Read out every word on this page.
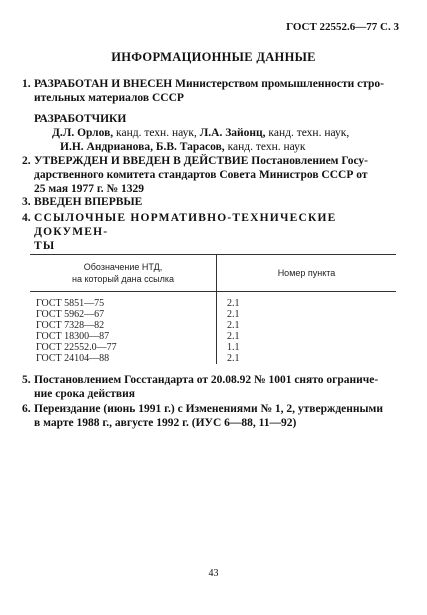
ГОСТ 22552.6—77 С. 3
ИНФОРМАЦИОННЫЕ ДАННЫЕ
1. РАЗРАБОТАН И ВНЕСЕН Министерством промышленности стро-
ительных материалов СССР
РАЗРАБОТЧИКИ
Д.Л. Орлов, канд. техн. наук, Л.А. Зайонц, канд. техн. наук,
И.Н. Андрианова, Б.В. Тарасов, канд. техн. наук
2. УТВЕРЖДЕН И ВВЕДЕН В ДЕЙСТВИЕ Постановлением Госу-
дарственного комитета стандартов Совета Министров СССР от
25 мая 1977 г. № 1329
3. ВВЕДЕН ВПЕРВЫЕ
4. ССЫЛОЧНЫЕ НОРМАТИВНО-ТЕХНИЧЕСКИЕ ДОКУМЕН-
ТЫ
Обозначение НТД,
на который дана ссылка	Номер пункта
ГОСТ 5851—75	2.1
ГОСТ 5962—67	2.1
ГОСТ 7328—82	2.1
ГОСТ 18300—87	2.1
ГОСТ 22552.0—77	1.1
ГОСТ 24104—88	2.1
5. Постановлением Госстандарта от 20.08.92 № 1001 снято ограниче-
ние срока действия
6. Переиздание (июнь 1991 г.) с Изменениями № 1, 2, утвержденными
в марте 1988 г., августе 1992 г. (ИУС 6—88, 11—92)
43
